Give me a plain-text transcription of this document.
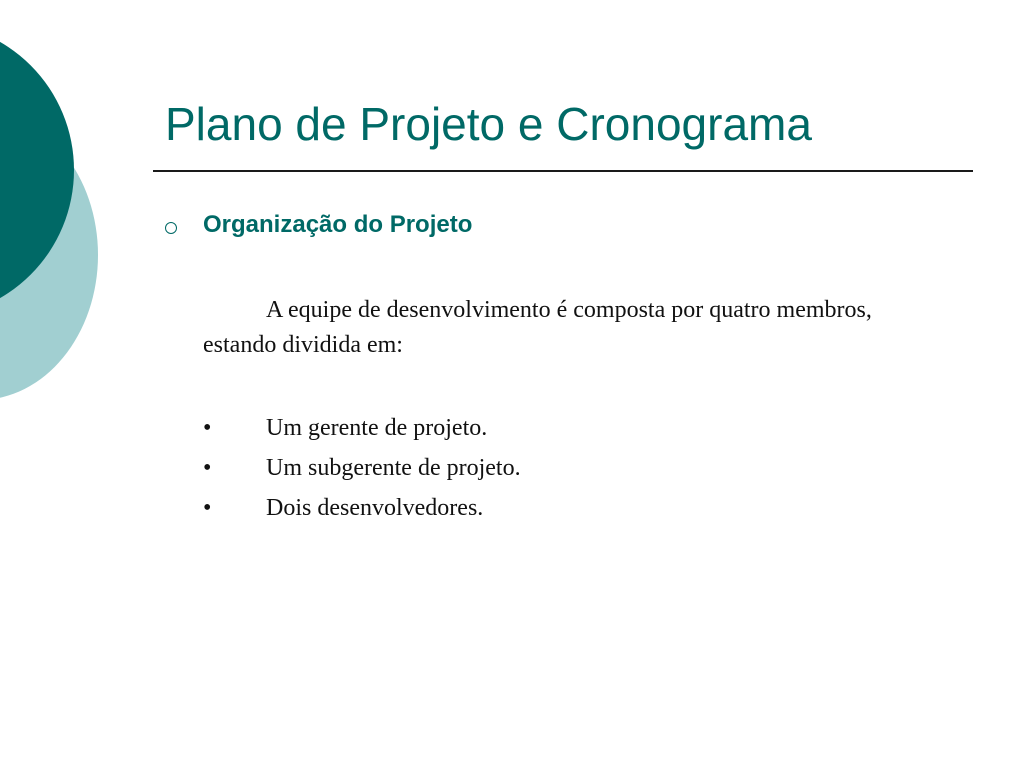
Plano de Projeto e Cronograma
Organização do Projeto

A equipe de desenvolvimento é composta por quatro membros, estando dividida em:

• Um gerente de projeto.
• Um subgerente de projeto.
• Dois desenvolvedores.
